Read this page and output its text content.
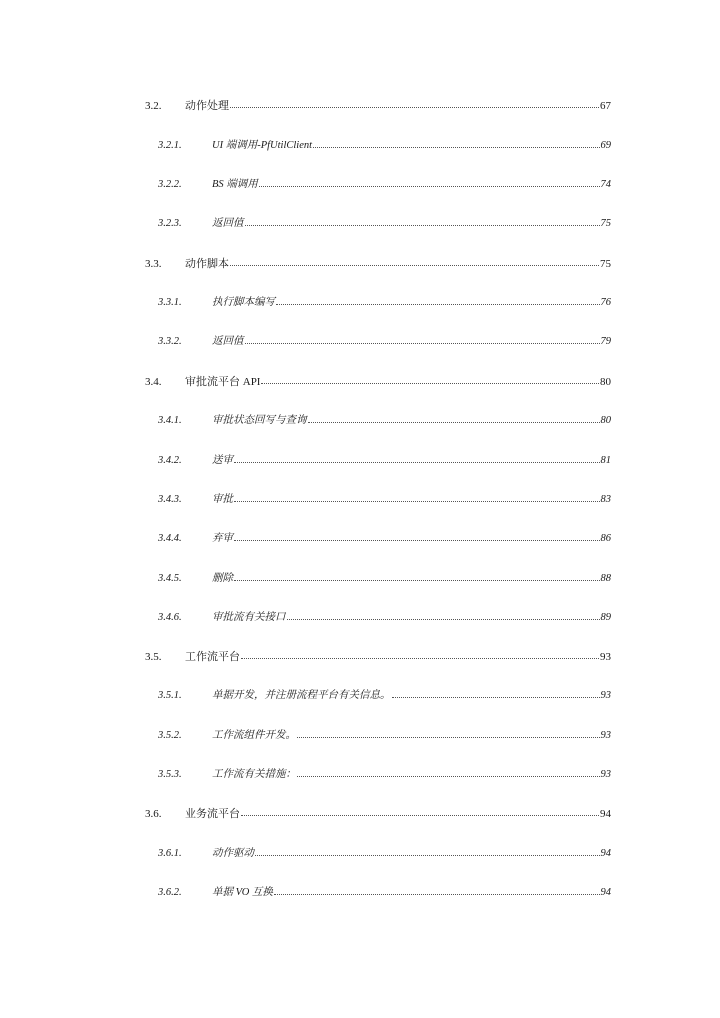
3.2.	动作处理	67
3.2.1.	UI 端调用-PfUtilClient	69
3.2.2.	BS 端调用	74
3.2.3.	返回值	75
3.3.	动作脚本	75
3.3.1.	执行脚本编写	76
3.3.2.	返回值	79
3.4.	审批流平台 API	80
3.4.1.	审批状态回写与查询	80
3.4.2.	送审	81
3.4.3.	审批	83
3.4.4.	弃审	86
3.4.5.	删除	88
3.4.6.	审批流有关接口	89
3.5.	工作流平台	93
3.5.1.	单据开发，并注册流程平台有关信息。	93
3.5.2.	工作流组件开发。	93
3.5.3.	工作流有关措施：	93
3.6.	业务流平台	94
3.6.1.	动作驱动	94
3.6.2.	单据 VO 互换	94
